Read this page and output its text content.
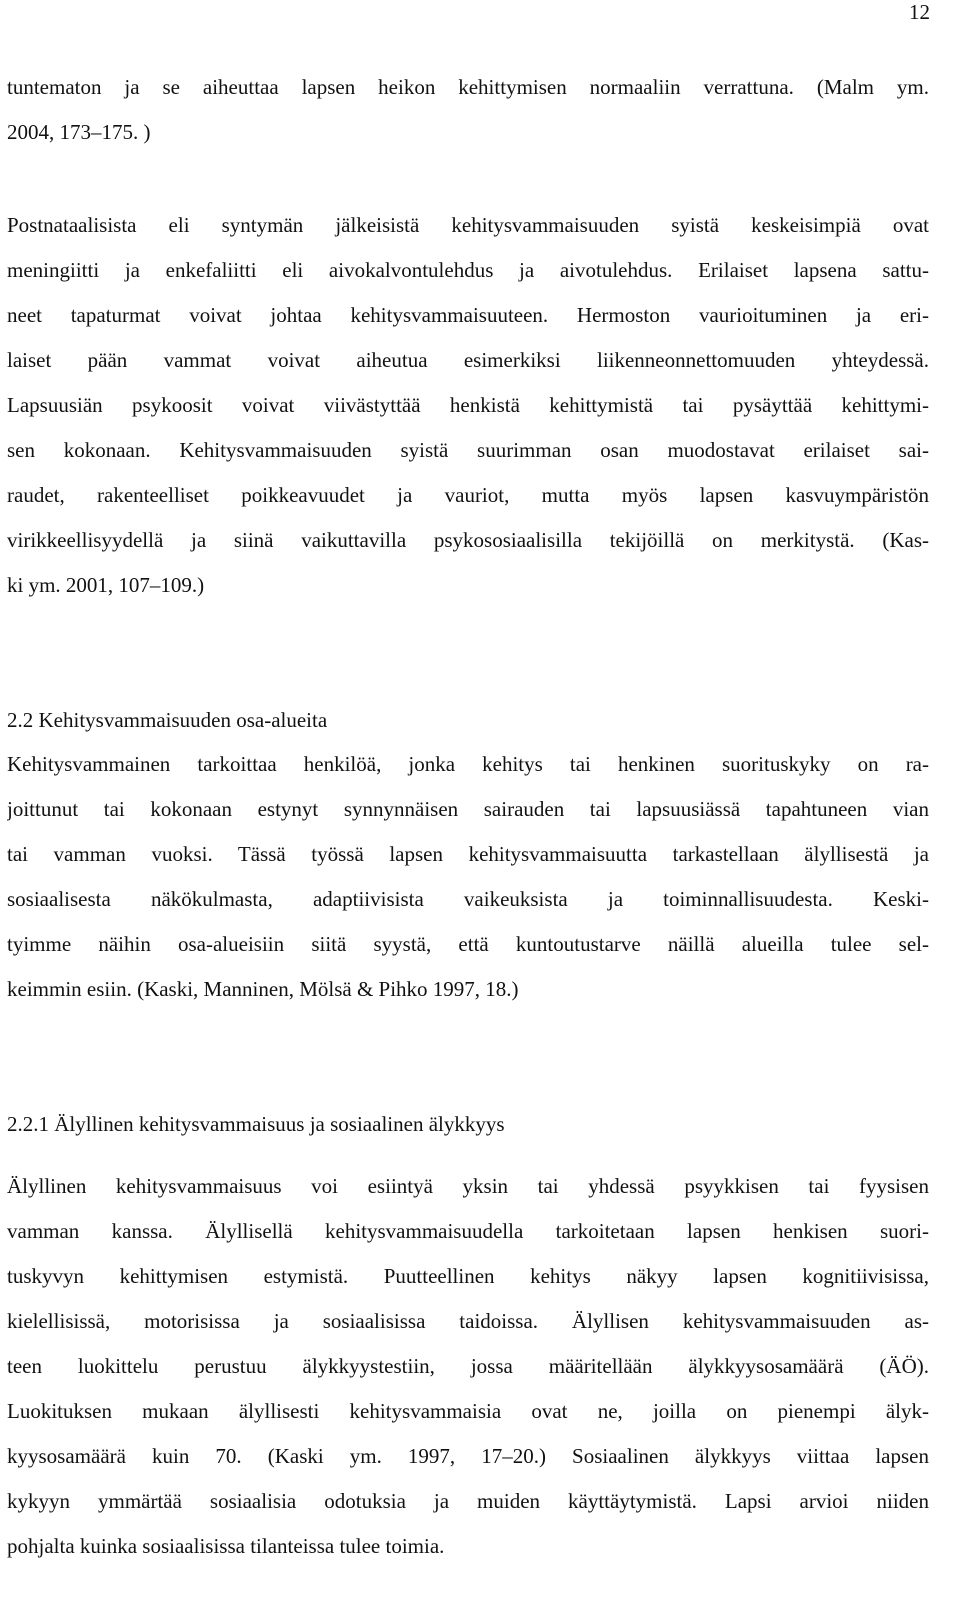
12
tuntematon ja se aiheuttaa lapsen heikon kehittymisen normaaliin verrattuna. (Malm ym.
2004, 173–175. )
Postnataalisista eli syntymän jälkeisistä kehitysvammaisuuden syistä keskeisimpiä ovat
meningiitti ja enkefaliitti eli aivokalvontulehdus ja aivotulehdus. Erilaiset lapsena sattu-
neet tapaturmat voivat johtaa kehitysvammaisuuteen. Hermoston vaurioituminen ja eri-
laiset pään vammat voivat aiheutua esimerkiksi liikenneonnettomuuden yhteydessä.
Lapsuusiän psykoosit voivat viivästyttää henkistä kehittymistä tai pysäyttää kehittymi-
sen kokonaan. Kehitysvammaisuuden syistä suurimman osan muodostavat erilaiset sai-
raudet, rakenteelliset poikkeavuudet ja vauriot, mutta myös lapsen kasvuympäristön
virikkeellisyydellä ja siinä vaikuttavilla psykososiaalisilla tekijöillä on merkitystä. (Kas-
ki ym. 2001, 107–109.)
2.2 Kehitysvammaisuuden osa-alueita
Kehitysvammainen tarkoittaa henkilöä, jonka kehitys tai henkinen suorituskyky on ra-
joittunut tai kokonaan estynyt synnynnäisen sairauden tai lapsuusiässä tapahtuneen vian
tai vamman vuoksi. Tässä työssä lapsen kehitysvammaisuutta tarkastellaan älyllisestä ja
sosiaalisesta näkökulmasta, adaptiivisista vaikeuksista ja toiminnallisuudesta. Keski-
tyimme näihin osa-alueisiin siitä syystä, että kuntoutustarve näillä alueilla tulee sel-
keimmin esiin. (Kaski, Manninen, Mölsä & Pihko 1997, 18.)
2.2.1 Älyllinen kehitysvammaisuus ja sosiaalinen älykkyys
Älyllinen kehitysvammaisuus voi esiintyä yksin tai yhdessä psyykkisen tai fyysisen
vamman kanssa. Älyllisellä kehitysvammaisuudella tarkoitetaan lapsen henkisen suori-
tuskyvyn kehittymisen estymistä. Puutteellinen kehitys näkyy lapsen kognitiivisissa,
kielellisissä, motorisissa ja sosiaalisissa taidoissa. Älyllisen kehitysvammaisuuden as-
teen luokittelu perustuu älykkyystestiin, jossa määritellään älykkyysosamäärä (ÄÖ).
Luokituksen mukaan älyllisesti kehitysvammaisia ovat ne, joilla on pienempi älyk-
kyysosamäärä kuin 70. (Kaski ym. 1997, 17–20.) Sosiaalinen älykkyys viittaa lapsen
kykyyn ymmärtää sosiaalisia odotuksia ja muiden käyttäytymistä. Lapsi arvioi niiden
pohjalta kuinka sosiaalisissa tilanteissa tulee toimia.
